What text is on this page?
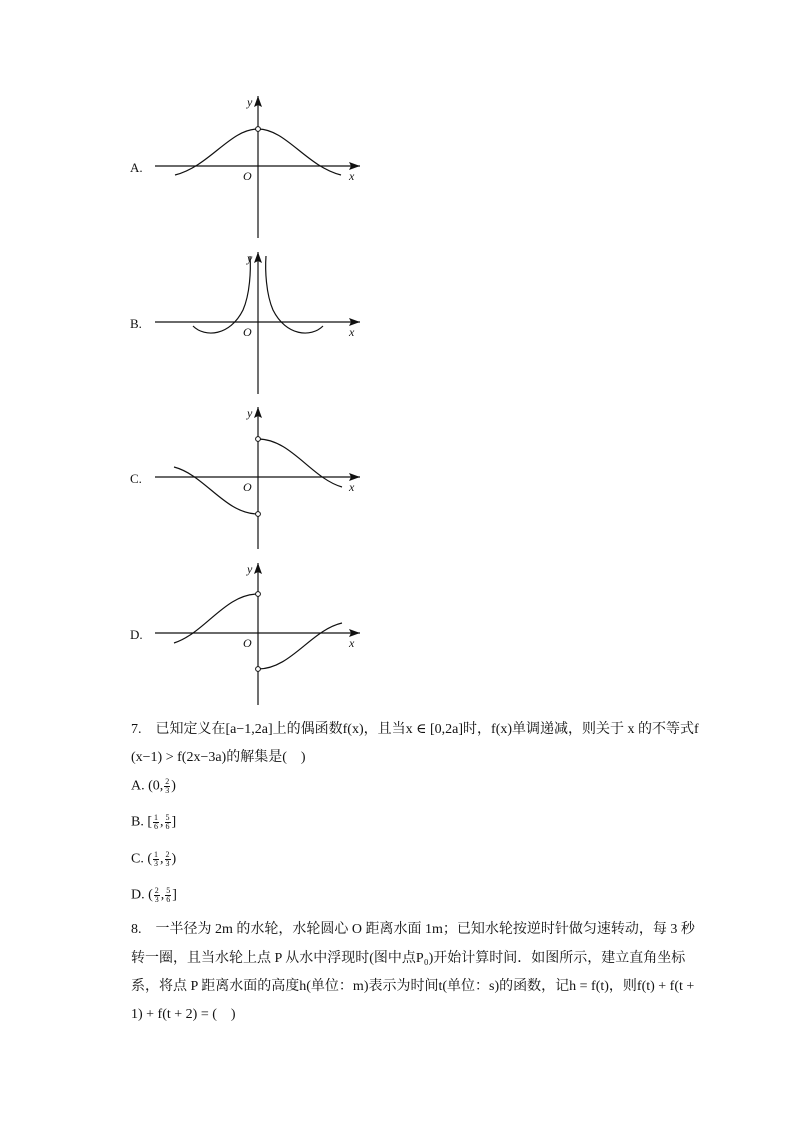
A.
y
x
O
B.
y
x
O
C.
y
x
O
D.
y
x
O
7.　已知定义在[a−1,2a]上的偶函数f(x)，且当x ∈ [0,2a]时，f(x)单调递减，则关于 x 的不等式f
(x−1) > f(2x−3a)的解集是(　)
A. (0, $\frac{2}{3}$ )
B. [ $\frac{1}{6}$ , $\frac{5}{6}$ ]
C. ( $\frac{1}{3}$ , $\frac{2}{3}$ )
D. ( $\frac{2}{3}$ , $\frac{5}{6}$ ]
8.　一半径为 2m 的水轮，水轮圆心 O 距离水面 1m；已知水轮按逆时针做匀速转动，每 3 秒
转一圈，且当水轮上点 P 从水中浮现时(图中点P₀)开始计算时间．如图所示，建立直角坐标
系，将点 P 距离水面的高度h(单位：m)表示为时间t(单位：s)的函数，记h = f(t)，则f(t) + f(t +
1) + f(t + 2) = (　)
